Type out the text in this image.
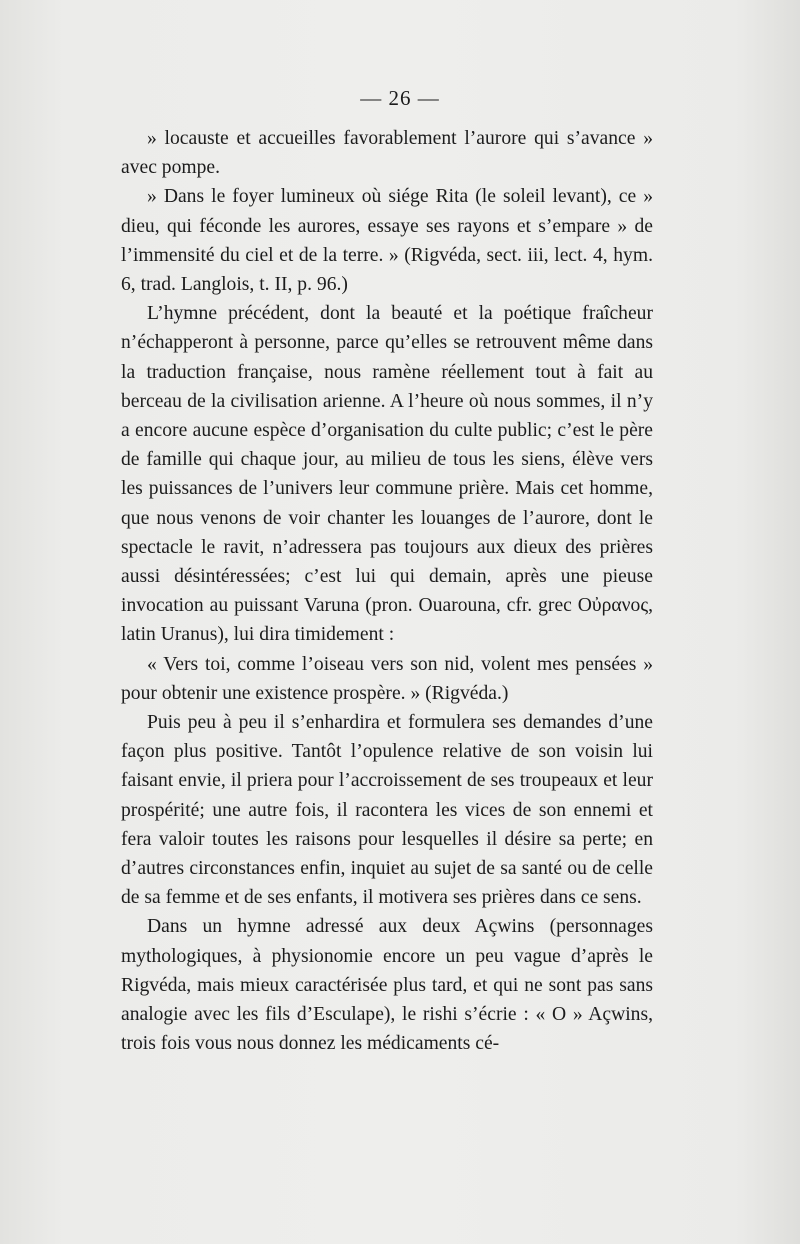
— 26 —

» locauste et accueilles favorablement l’aurore qui s’avance » avec pompe.

» Dans le foyer lumineux où siége Rita (le soleil levant), ce » dieu, qui féconde les aurores, essaye ses rayons et s’empare » de l’immensité du ciel et de la terre. » (Rigvéda, sect. iii, lect. 4, hym. 6, trad. Langlois, t. II, p. 96.)

L’hymne précédent, dont la beauté et la poétique fraîcheur n’échapperont à personne, parce qu’elles se retrouvent même dans la traduction française, nous ramène réellement tout à fait au berceau de la civilisation arienne. A l’heure où nous sommes, il n’y a encore aucune espèce d’organisation du culte public; c’est le père de famille qui chaque jour, au milieu de tous les siens, élève vers les puissances de l’univers leur commune prière. Mais cet homme, que nous venons de voir chanter les louanges de l’aurore, dont le spectacle le ravit, n’adressera pas toujours aux dieux des prières aussi désintéressées; c’est lui qui demain, après une pieuse invocation au puissant Varuna (pron. Ouarouna, cfr. grec Οὐρανος, latin Uranus), lui dira timidement :

« Vers toi, comme l’oiseau vers son nid, volent mes pensées » pour obtenir une existence prospère. » (Rigvéda.)

Puis peu à peu il s’enhardira et formulera ses demandes d’une façon plus positive. Tantôt l’opulence relative de son voisin lui faisant envie, il priera pour l’accroissement de ses troupeaux et leur prospérité; une autre fois, il racontera les vices de son ennemi et fera valoir toutes les raisons pour lesquelles il désire sa perte; en d’autres circonstances enfin, inquiet au sujet de sa santé ou de celle de sa femme et de ses enfants, il motivera ses prières dans ce sens.

Dans un hymne adressé aux deux Açwins (personnages mythologiques, à physionomie encore un peu vague d’après le Rigvéda, mais mieux caractérisée plus tard, et qui ne sont pas sans analogie avec les fils d’Esculape), le rishi s’écrie : « O » Açwins, trois fois vous nous donnez les médicaments cé-
